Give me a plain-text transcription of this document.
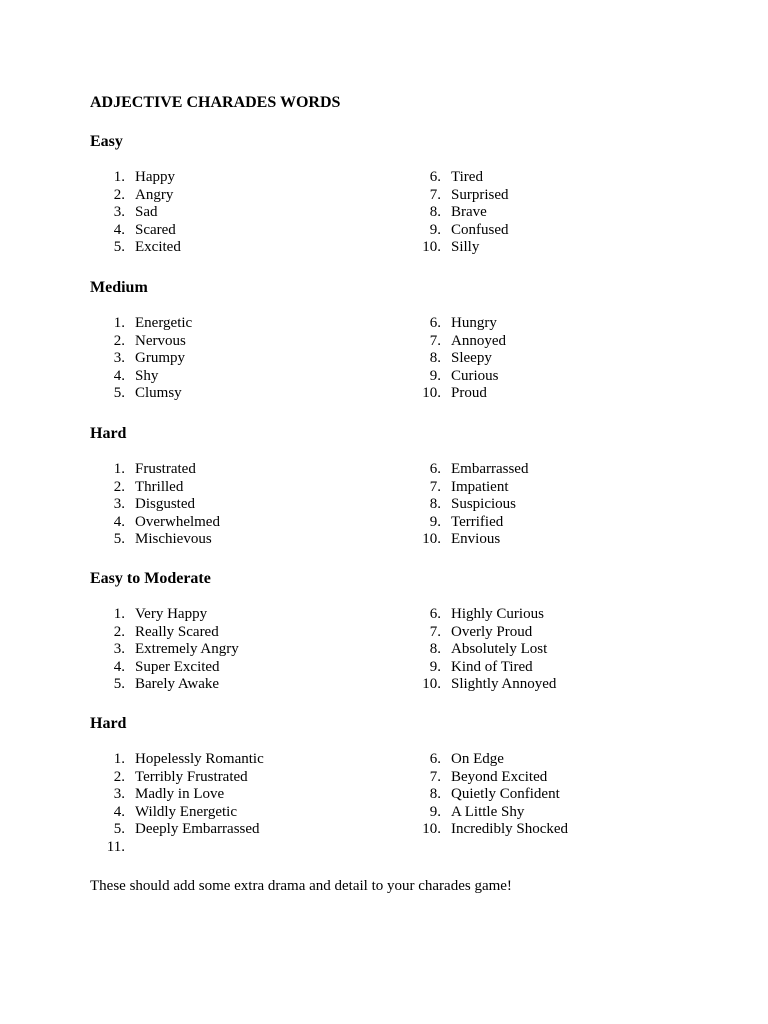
ADJECTIVE CHARADES WORDS
Easy
1. Happy
2. Angry
3. Sad
4. Scared
5. Excited
6. Tired
7. Surprised
8. Brave
9. Confused
10. Silly
Medium
1. Energetic
2. Nervous
3. Grumpy
4. Shy
5. Clumsy
6. Hungry
7. Annoyed
8. Sleepy
9. Curious
10. Proud
Hard
1. Frustrated
2. Thrilled
3. Disgusted
4. Overwhelmed
5. Mischievous
6. Embarrassed
7. Impatient
8. Suspicious
9. Terrified
10. Envious
Easy to Moderate
1. Very Happy
2. Really Scared
3. Extremely Angry
4. Super Excited
5. Barely Awake
6. Highly Curious
7. Overly Proud
8. Absolutely Lost
9. Kind of Tired
10. Slightly Annoyed
Hard
1. Hopelessly Romantic
2. Terribly Frustrated
3. Madly in Love
4. Wildly Energetic
5. Deeply Embarrassed
11.
6. On Edge
7. Beyond Excited
8. Quietly Confident
9. A Little Shy
10. Incredibly Shocked

These should add some extra drama and detail to your charades game!
